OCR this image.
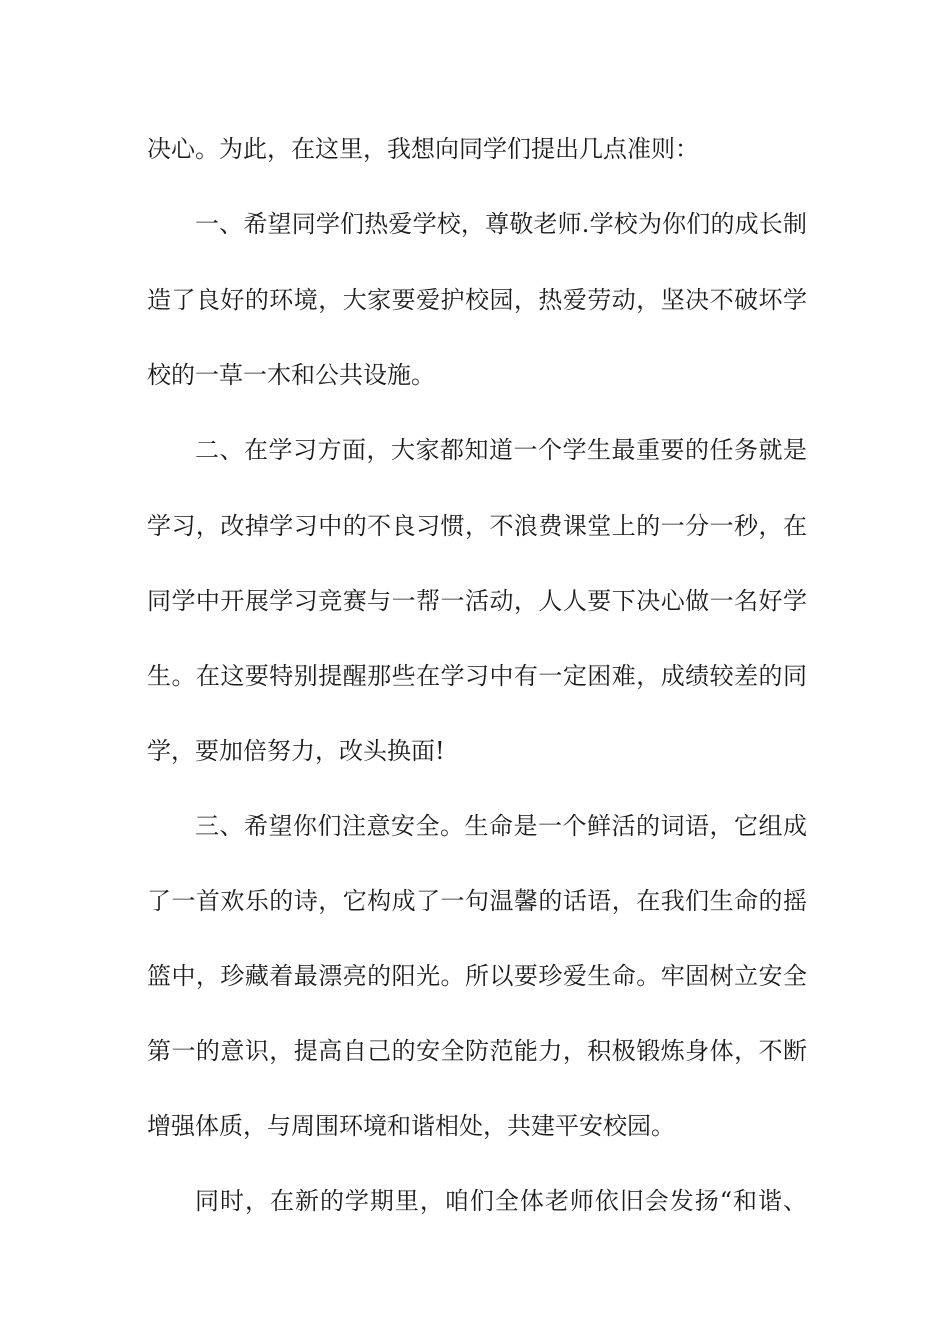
决心。为此，在这里，我想向同学们提出几点准则：
一、希望同学们热爱学校，尊敬老师.学校为你们的成长制
造了良好的环境，大家要爱护校园，热爱劳动，坚决不破坏学
校的一草一木和公共设施。
二、在学习方面，大家都知道一个学生最重要的任务就是
学习，改掉学习中的不良习惯，不浪费课堂上的一分一秒，在
同学中开展学习竞赛与一帮一活动，人人要下决心做一名好学
生。在这要特别提醒那些在学习中有一定困难，成绩较差的同
学，要加倍努力，改头换面!
三、希望你们注意安全。生命是一个鲜活的词语，它组成
了一首欢乐的诗，它构成了一句温馨的话语，在我们生命的摇
篮中，珍藏着最漂亮的阳光。所以要珍爱生命。牢固树立安全
第一的意识，提高自己的安全防范能力，积极锻炼身体，不断
增强体质，与周围环境和谐相处，共建平安校园。
同时，在新的学期里，咱们全体老师依旧会发扬“和谐、
